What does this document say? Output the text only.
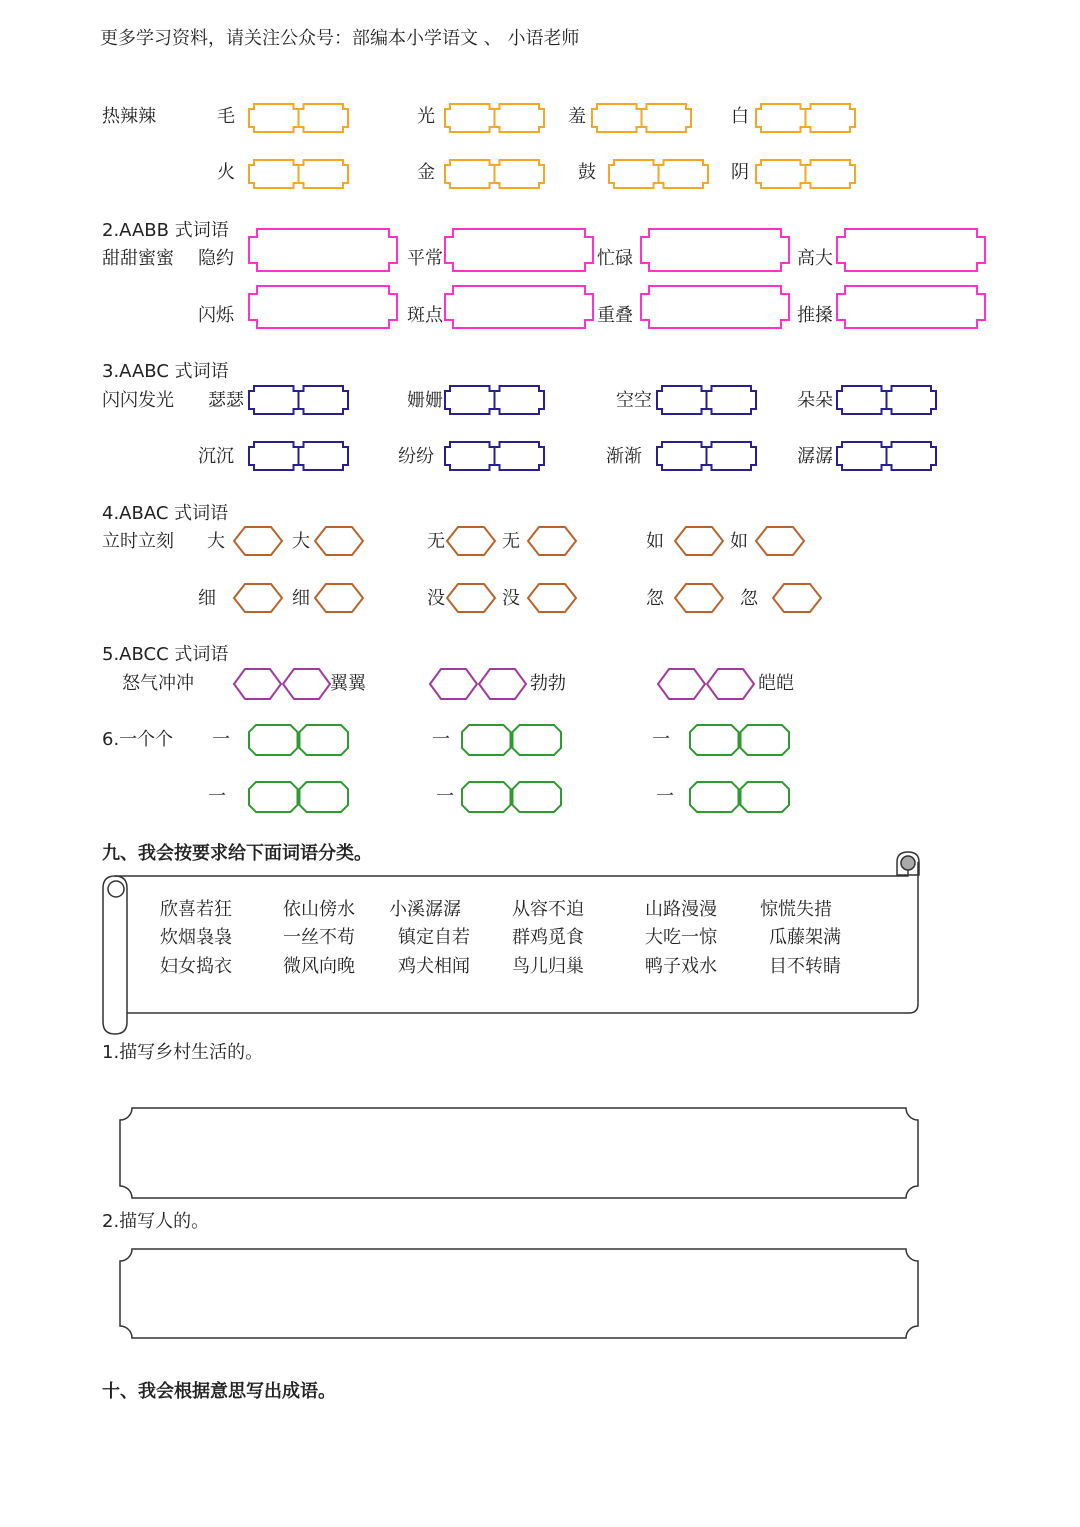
更多学习资料，请关注公众号：部编本小学语文 、 小语老师
热辣辣	毛	光	羞	白
火	金	鼓	阴
2.AABB 式词语
甜甜蜜蜜 隐约	平常	忙碌	高大
闪烁	斑点	重叠	推搡
3.AABC 式词语
闪闪发光 瑟瑟	姗姗	空空	朵朵
沉沉	纷纷	渐渐	潺潺
4.ABAC 式词语
立时立刻 大	大	无	无	如	如
细	细	没	没	忽	忽
5.ABCC 式词语
怒气冲冲	翼翼	勃勃	皑皑
6.一个个 一	一	一
一	一	一
九、我会按要求给下面词语分类。
欣喜若狂	依山傍水 小溪潺潺	从容不迫	山路漫漫 惊慌失措
炊烟袅袅	一丝不苟 镇定自若 群鸡觅食	大吃一惊	瓜藤架满
妇女捣衣	微风向晚 鸡犬相闻 鸟儿归巢	鸭子戏水	目不转睛
1.描写乡村生活的。
2.描写人的。
十、我会根据意思写出成语。
